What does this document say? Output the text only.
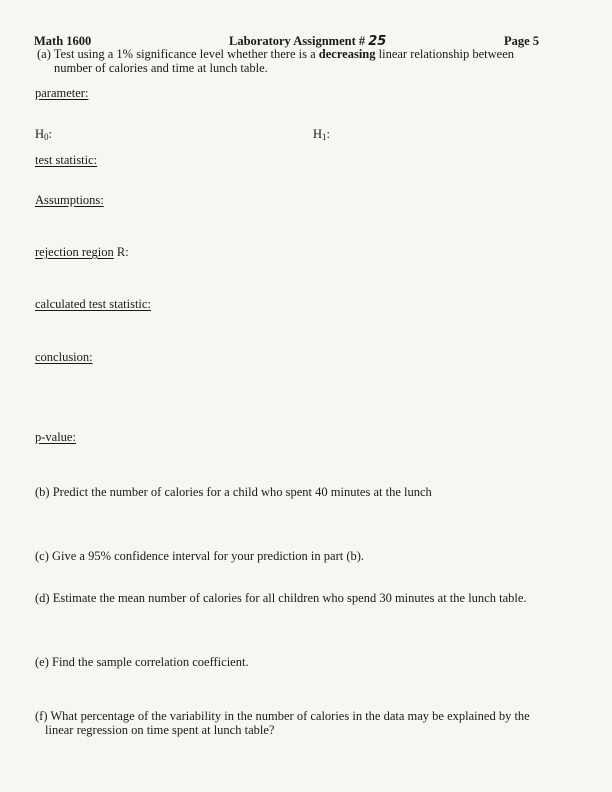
Math 1600	Laboratory Assignment # 25	Page 5
(a) Test using a 1% significance level whether there is a decreasing linear relationship between
number of calories and time at lunch table.
parameter:
$H_0$:	$H_1$:
test statistic:
Assumptions:
rejection region R:
calculated test statistic:
conclusion:
p-value:
(b) Predict the number of calories for a child who spent 40 minutes at the lunch
(c) Give a 95% confidence interval for your prediction in part (b).
(d) Estimate the mean number of calories for all children who spend 30 minutes at the lunch table.
(e) Find the sample correlation coefficient.
(f) What percentage of the variability in the number of calories in the data may be explained by the
linear regression on time spent at lunch table?
